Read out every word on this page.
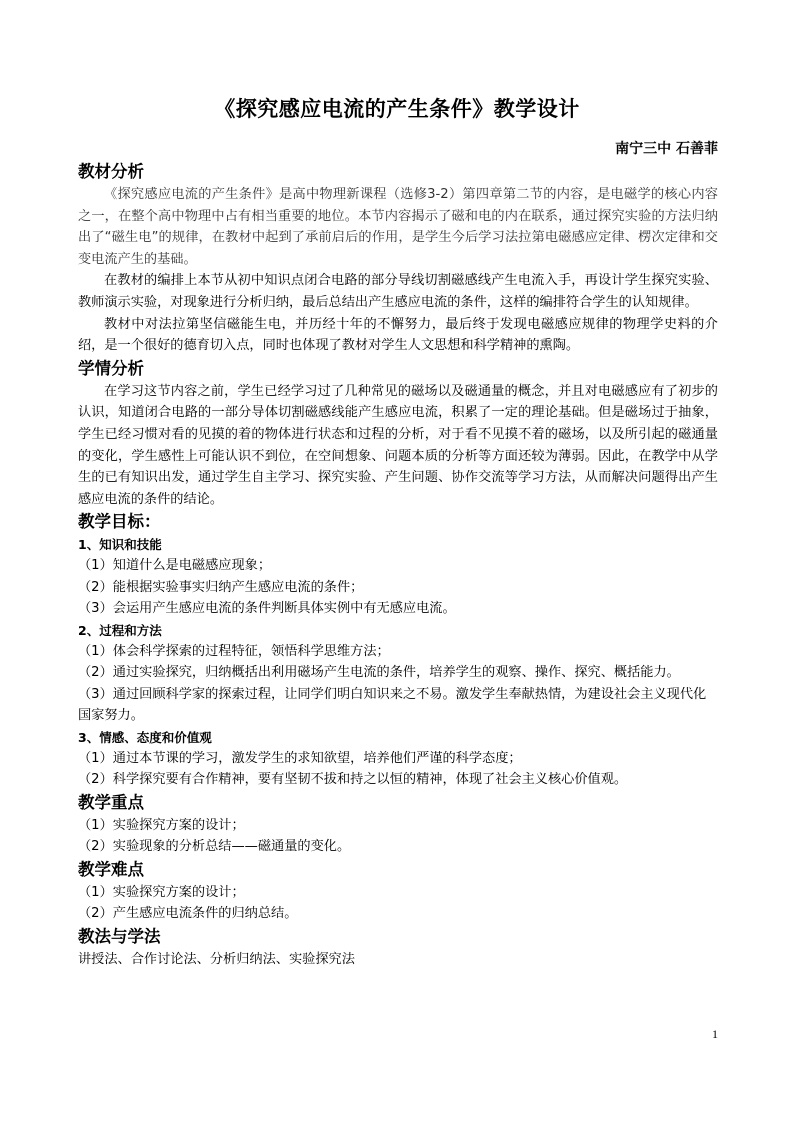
《探究感应电流的产生条件》教学设计
南宁三中 石善菲

教材分析

《探究感应电流的产生条件》是高中物理新课程（选修3-2）第四章第二节的内容，是电磁学的核心内容之一，在整个高中物理中占有相当重要的地位。本节内容揭示了磁和电的内在联系，通过探究实验的方法归纳出了“磁生电”的规律，在教材中起到了承前启后的作用，是学生今后学习法拉第电磁感应定律、楞次定律和交变电流产生的基础。

在教材的编排上本节从初中知识点闭合电路的部分导线切割磁感线产生电流入手，再设计学生探究实验、教师演示实验，对现象进行分析归纳，最后总结出产生感应电流的条件，这样的编排符合学生的认知规律。

教材中对法拉第坚信磁能生电，并历经十年的不懈努力，最后终于发现电磁感应规律的物理学史料的介绍，是一个很好的德育切入点，同时也体现了教材对学生人文思想和科学精神的熏陶。

学情分析

在学习这节内容之前，学生已经学习过了几种常见的磁场以及磁通量的概念，并且对电磁感应有了初步的认识，知道闭合电路的一部分导体切割磁感线能产生感应电流，积累了一定的理论基础。但是磁场过于抽象，学生已经习惯对看的见摸的着的物体进行状态和过程的分析，对于看不见摸不着的磁场，以及所引起的磁通量的变化，学生感性上可能认识不到位，在空间想象、问题本质的分析等方面还较为薄弱。因此，在教学中从学生的已有知识出发，通过学生自主学习、探究实验、产生问题、协作交流等学习方法，从而解决问题得出产生感应电流的条件的结论。

教学目标：

1、知识和技能

（1）知道什么是电磁感应现象；

（2）能根据实验事实归纳产生感应电流的条件；

（3）会运用产生感应电流的条件判断具体实例中有无感应电流。

2、过程和方法

（1）体会科学探索的过程特征，领悟科学思维方法；

（2）通过实验探究，归纳概括出利用磁场产生电流的条件，培养学生的观察、操作、探究、概括能力。

（3）通过回顾科学家的探索过程，让同学们明白知识来之不易。激发学生奉献热情，为建设社会主义现代化国家努力。

3、情感、态度和价值观

（1）通过本节课的学习，激发学生的求知欲望，培养他们严谨的科学态度；

（2）科学探究要有合作精神，要有坚韧不拔和持之以恒的精神，体现了社会主义核心价值观。

教学重点

（1）实验探究方案的设计；

（2）实验现象的分析总结——磁通量的变化。

教学难点

（1）实验探究方案的设计；

（2）产生感应电流条件的归纳总结。

教法与学法

讲授法、合作讨论法、分析归纳法、实验探究法

1
